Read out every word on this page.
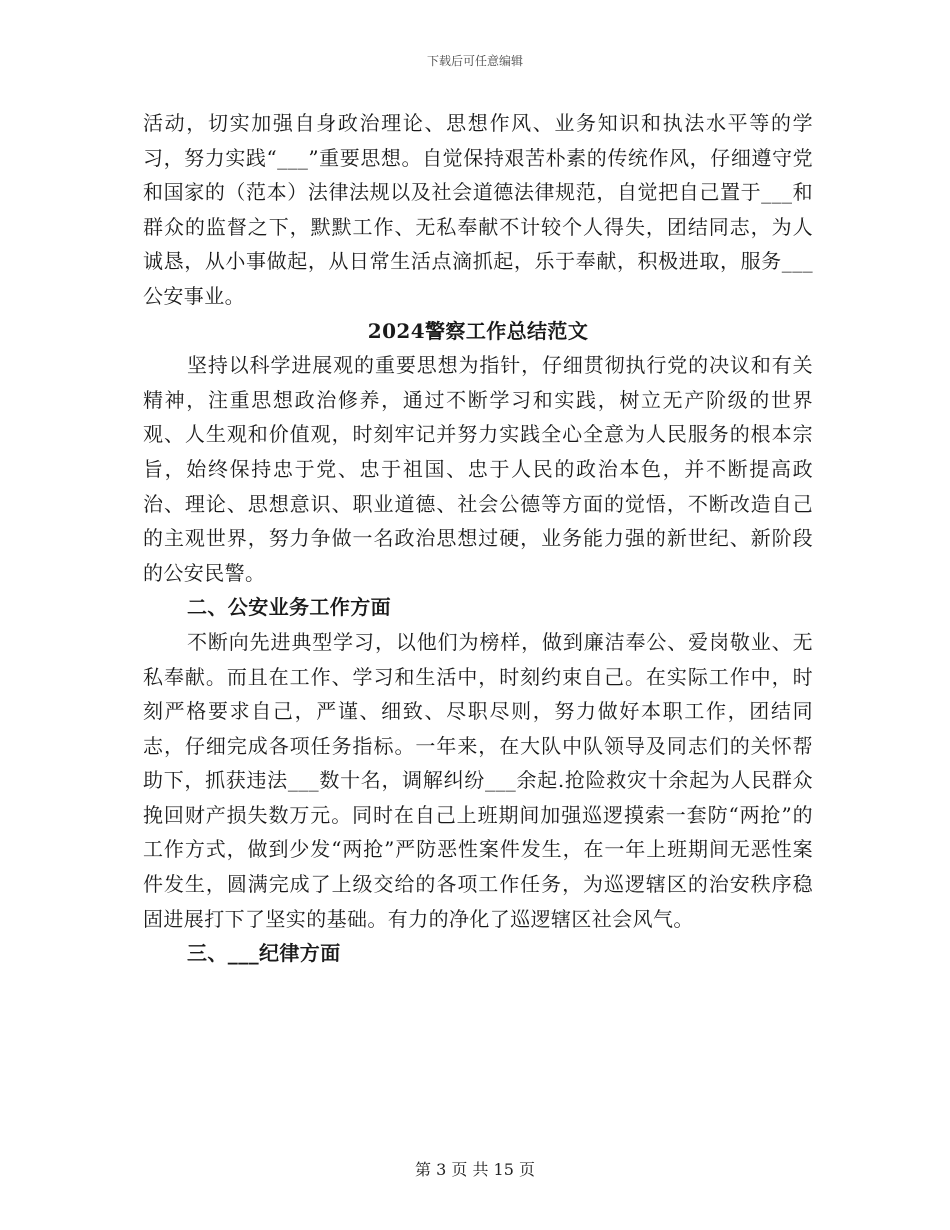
下载后可任意编辑

活动，切实加强自身政治理论、思想作风、业务知识和执法水平等的学习，努力实践“___”重要思想。自觉保持艰苦朴素的传统作风，仔细遵守党和国家的（范本）法律法规以及社会道德法律规范，自觉把自己置于___和群众的监督之下，默默工作、无私奉献不计较个人得失，团结同志，为人诚恳，从小事做起，从日常生活点滴抓起，乐于奉献，积极进取，服务___公安事业。

2024警察工作总结范文

坚持以科学进展观的重要思想为指针，仔细贯彻执行党的决议和有关精神，注重思想政治修养，通过不断学习和实践，树立无产阶级的世界观、人生观和价值观，时刻牢记并努力实践全心全意为人民服务的根本宗旨，始终保持忠于党、忠于祖国、忠于人民的政治本色，并不断提高政治、理论、思想意识、职业道德、社会公德等方面的觉悟，不断改造自己的主观世界，努力争做一名政治思想过硬，业务能力强的新世纪、新阶段的公安民警。

二、公安业务工作方面

不断向先进典型学习，以他们为榜样，做到廉洁奉公、爱岗敬业、无私奉献。而且在工作、学习和生活中，时刻约束自己。在实际工作中，时刻严格要求自己，严谨、细致、尽职尽则，努力做好本职工作，团结同志，仔细完成各项任务指标。一年来，在大队中队领导及同志们的关怀帮助下，抓获违法___数十名，调解纠纷___余起.抢险救灾十余起为人民群众挽回财产损失数万元。同时在自己上班期间加强巡逻摸索一套防“两抢”的工作方式，做到少发“两抢”严防恶性案件发生，在一年上班期间无恶性案件发生，圆满完成了上级交给的各项工作任务，为巡逻辖区的治安秩序稳固进展打下了坚实的基础。有力的净化了巡逻辖区社会风气。

三、___纪律方面

第 3 页 共 15 页
